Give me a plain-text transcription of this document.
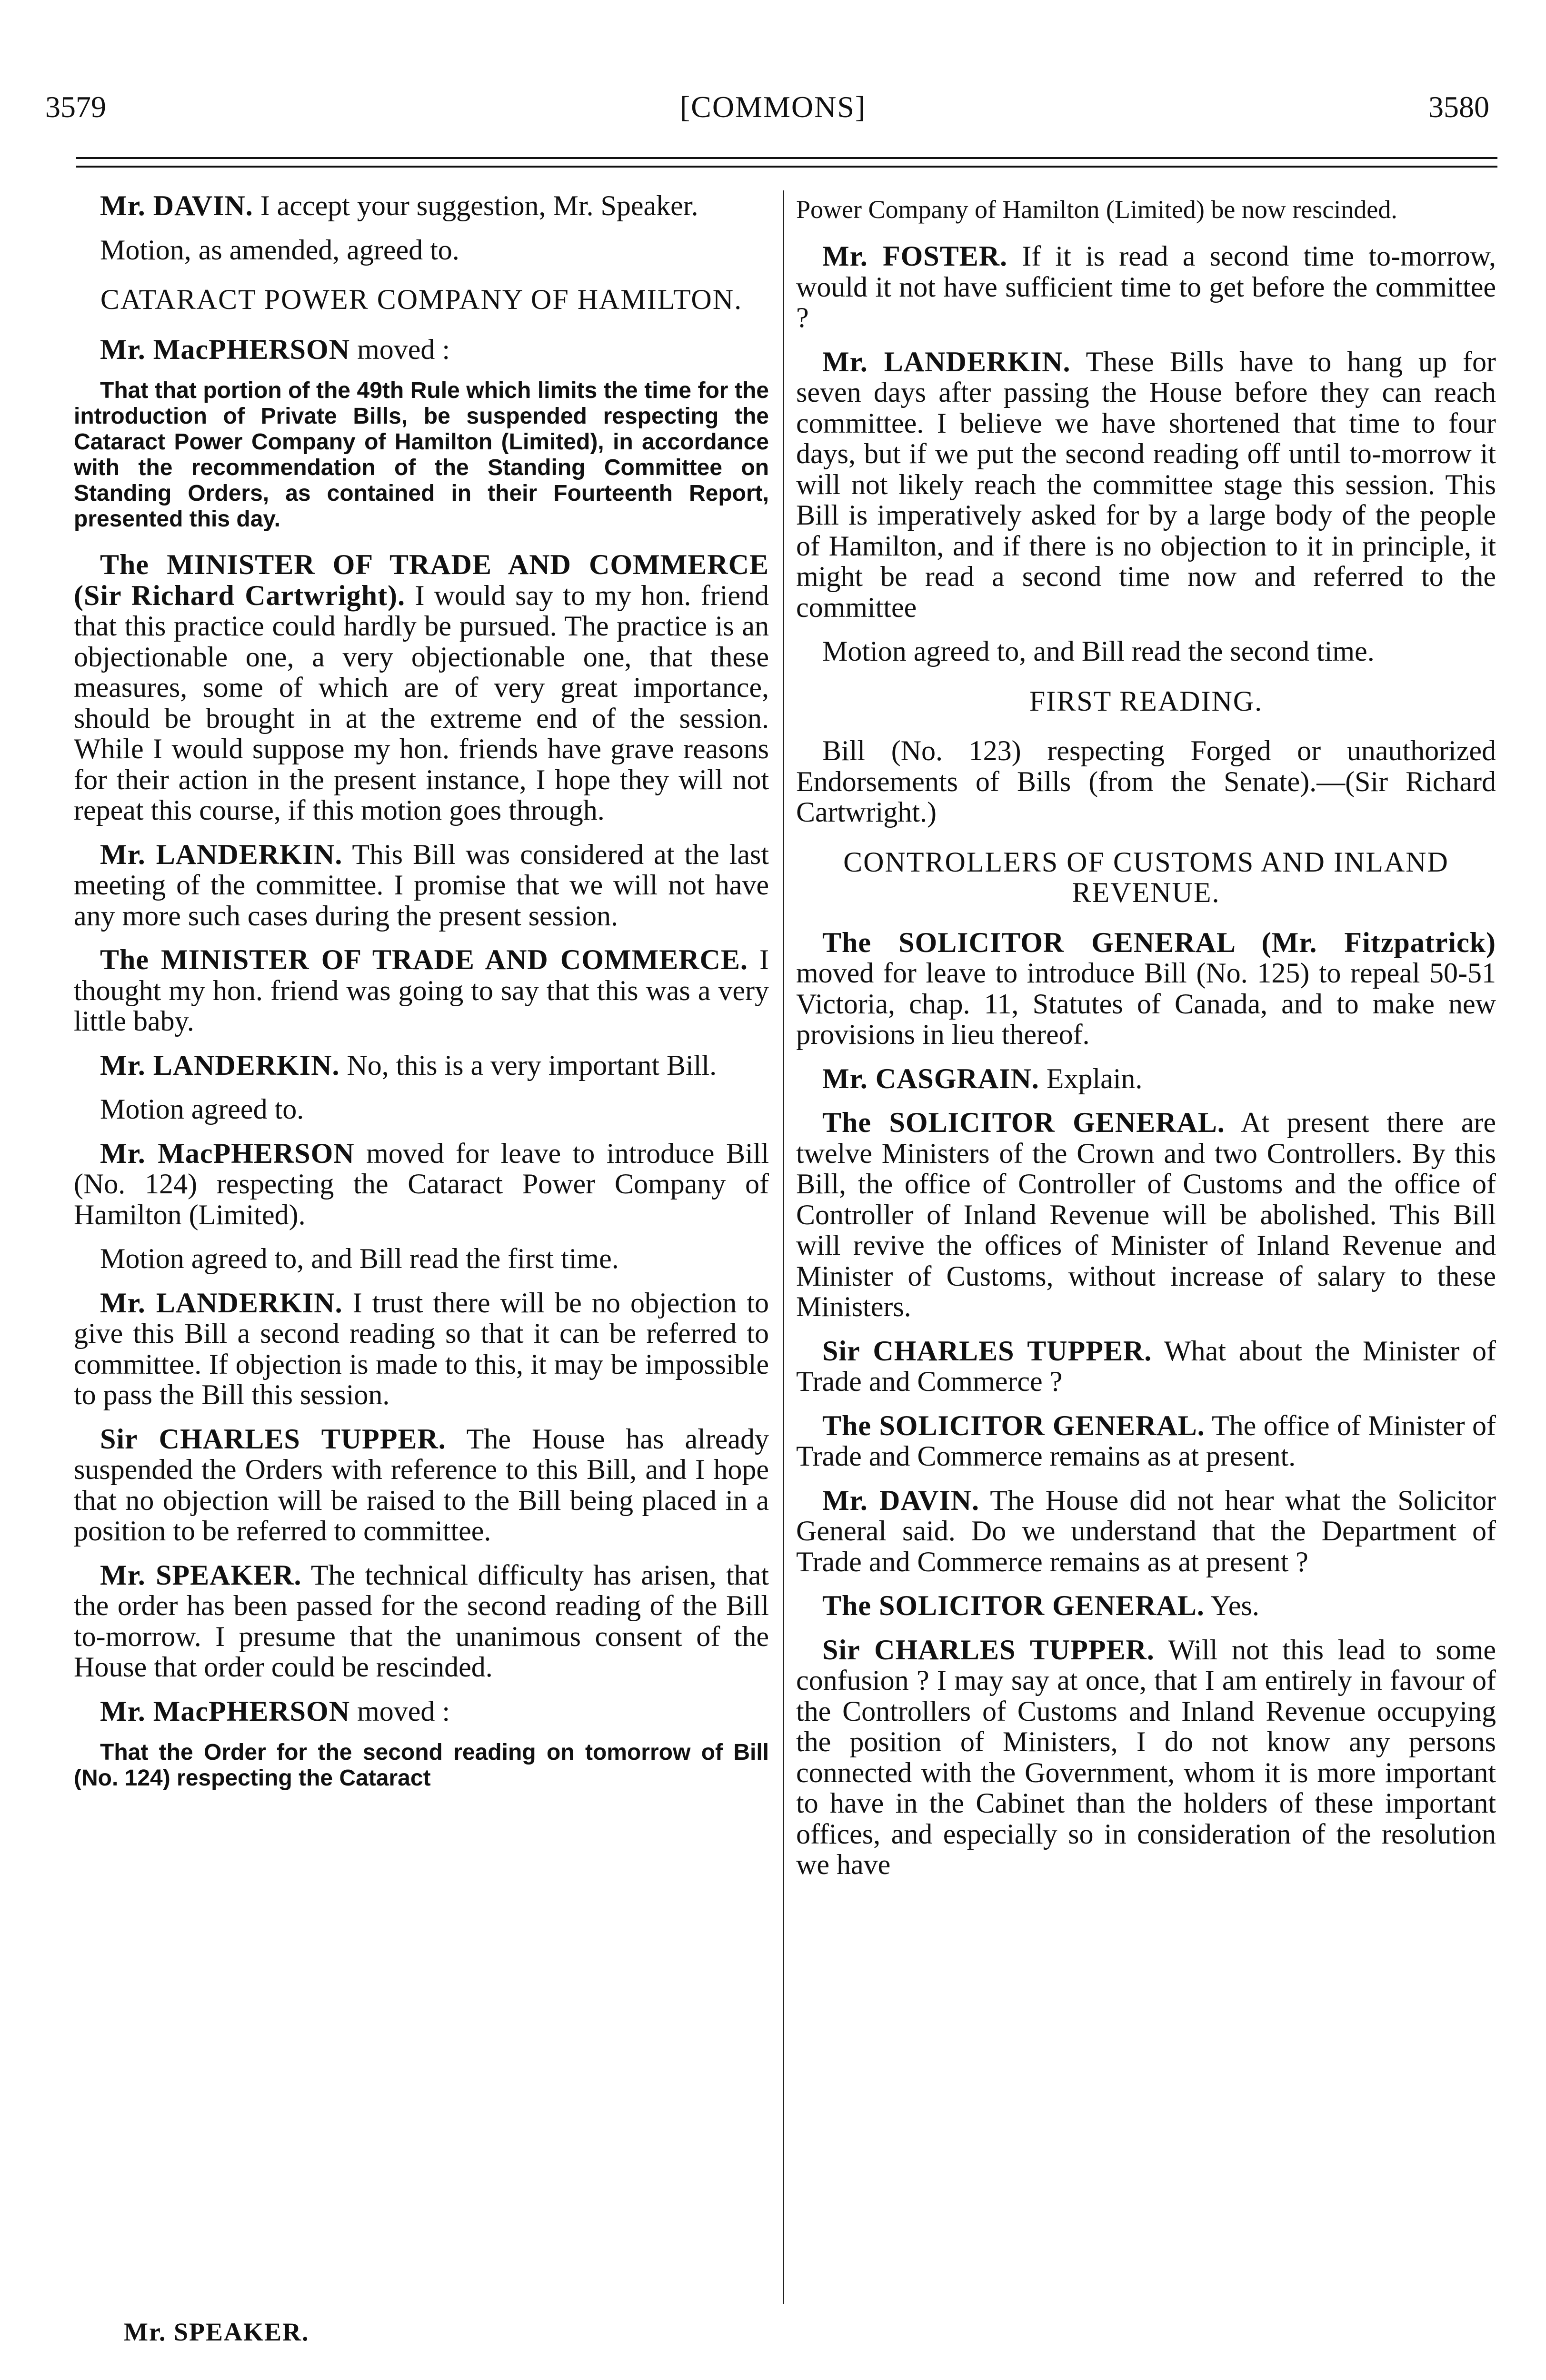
3579	[COMMONS]	3580

Mr. DAVIN. I accept your suggestion, Mr. Speaker.

Motion, as amended, agreed to.

CATARACT POWER COMPANY OF HAMILTON.

Mr. MacPHERSON moved :

That that portion of the 49th Rule which limits the time for the introduction of Private Bills, be suspended respecting the Cataract Power Company of Hamilton (Limited), in accordance with the recommendation of the Standing Committee on Standing Orders, as contained in their Fourteenth Report, presented this day.

The MINISTER OF TRADE AND COMMERCE (Sir Richard Cartwright). I would say to my hon. friend that this practice could hardly be pursued. The practice is an objectionable one, a very objectionable one, that these measures, some of which are of very great importance, should be brought in at the extreme end of the session. While I would suppose my hon. friends have grave reasons for their action in the present instance, I hope they will not repeat this course, if this motion goes through.

Mr. LANDERKIN. This Bill was considered at the last meeting of the committee. I promise that we will not have any more such cases during the present session.

The MINISTER OF TRADE AND COMMERCE. I thought my hon. friend was going to say that this was a very little baby.

Mr. LANDERKIN. No, this is a very important Bill.

Motion agreed to.

Mr. MacPHERSON moved for leave to introduce Bill (No. 124) respecting the Cataract Power Company of Hamilton (Limited).

Motion agreed to, and Bill read the first time.

Mr. LANDERKIN. I trust there will be no objection to give this Bill a second reading so that it can be referred to committee. If objection is made to this, it may be impossible to pass the Bill this session.

Sir CHARLES TUPPER. The House has already suspended the Orders with reference to this Bill, and I hope that no objection will be raised to the Bill being placed in a position to be referred to committee.

Mr. SPEAKER. The technical difficulty has arisen, that the order has been passed for the second reading of the Bill to-morrow. I presume that the unanimous consent of the House that order could be rescinded.

Mr. MacPHERSON moved :

That the Order for the second reading on tomorrow of Bill (No. 124) respecting the Cataract

Power Company of Hamilton (Limited) be now rescinded.

Mr. FOSTER. If it is read a second time to-morrow, would it not have sufficient time to get before the committee ?

Mr. LANDERKIN. These Bills have to hang up for seven days after passing the House before they can reach committee. I believe we have shortened that time to four days, but if we put the second reading off until to-morrow it will not likely reach the committee stage this session. This Bill is imperatively asked for by a large body of the people of Hamilton, and if there is no objection to it in principle, it might be read a second time now and referred to the committee

Motion agreed to, and Bill read the second time.

FIRST READING.

Bill (No. 123) respecting Forged or unauthorized Endorsements of Bills (from the Senate).—(Sir Richard Cartwright.)

CONTROLLERS OF CUSTOMS AND INLAND REVENUE.

The SOLICITOR GENERAL (Mr. Fitzpatrick) moved for leave to introduce Bill (No. 125) to repeal 50-51 Victoria, chap. 11, Statutes of Canada, and to make new provisions in lieu thereof.

Mr. CASGRAIN. Explain.

The SOLICITOR GENERAL. At present there are twelve Ministers of the Crown and two Controllers. By this Bill, the office of Controller of Customs and the office of Controller of Inland Revenue will be abolished. This Bill will revive the offices of Minister of Inland Revenue and Minister of Customs, without increase of salary to these Ministers.

Sir CHARLES TUPPER. What about the Minister of Trade and Commerce ?

The SOLICITOR GENERAL. The office of Minister of Trade and Commerce remains as at present.

Mr. DAVIN. The House did not hear what the Solicitor General said. Do we understand that the Department of Trade and Commerce remains as at present ?

The SOLICITOR GENERAL. Yes.

Sir CHARLES TUPPER. Will not this lead to some confusion ? I may say at once, that I am entirely in favour of the Controllers of Customs and Inland Revenue occupying the position of Ministers, I do not know any persons connected with the Government, whom it is more important to have in the Cabinet than the holders of these important offices, and especially so in consideration of the resolution we have

Mr. SPEAKER.
